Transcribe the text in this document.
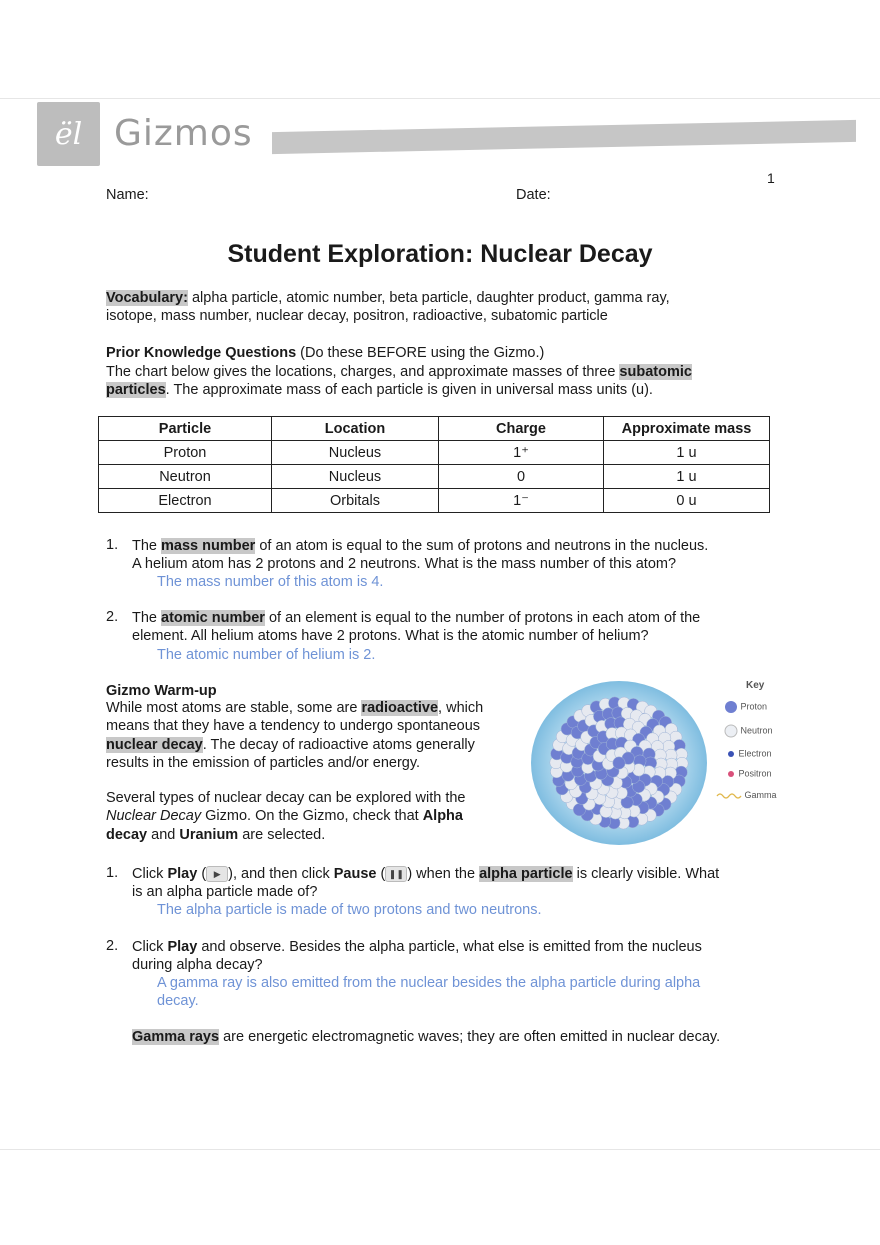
ël Gizmos
1
Name:	Date:
Student Exploration: Nuclear Decay
Vocabulary: alpha particle, atomic number, beta particle, daughter product, gamma ray,
isotope, mass number, nuclear decay, positron, radioactive, subatomic particle
Prior Knowledge Questions (Do these BEFORE using the Gizmo.)
The chart below gives the locations, charges, and approximate masses of three subatomic
particles. The approximate mass of each particle is given in universal mass units (u).
Particle	Location	Charge	Approximate mass
Proton	Nucleus	1⁺	1 u
Neutron	Nucleus	0	1 u
Electron	Orbitals	1⁻	0 u
1. The mass number of an atom is equal to the sum of protons and neutrons in the nucleus.
A helium atom has 2 protons and 2 neutrons. What is the mass number of this atom?
The mass number of this atom is 4.
2. The atomic number of an element is equal to the number of protons in each atom of the
element. All helium atoms have 2 protons. What is the atomic number of helium?
The atomic number of helium is 2.
Gizmo Warm-up
While most atoms are stable, some are radioactive, which
means that they have a tendency to undergo spontaneous
nuclear decay. The decay of radioactive atoms generally
results in the emission of particles and/or energy.
Several types of nuclear decay can be explored with the
Nuclear Decay Gizmo. On the Gizmo, check that Alpha
decay and Uranium are selected.
Key
Proton
Neutron
Electron
Positron
Gamma
1. Click Play ( ▶ ), and then click Pause ( ❚❚ ) when the alpha particle is clearly visible. What
is an alpha particle made of?
The alpha particle is made of two protons and two neutrons.
2. Click Play and observe. Besides the alpha particle, what else is emitted from the nucleus
during alpha decay?
A gamma ray is also emitted from the nuclear besides the alpha particle during alpha
decay.
Gamma rays are energetic electromagnetic waves; they are often emitted in nuclear decay.
